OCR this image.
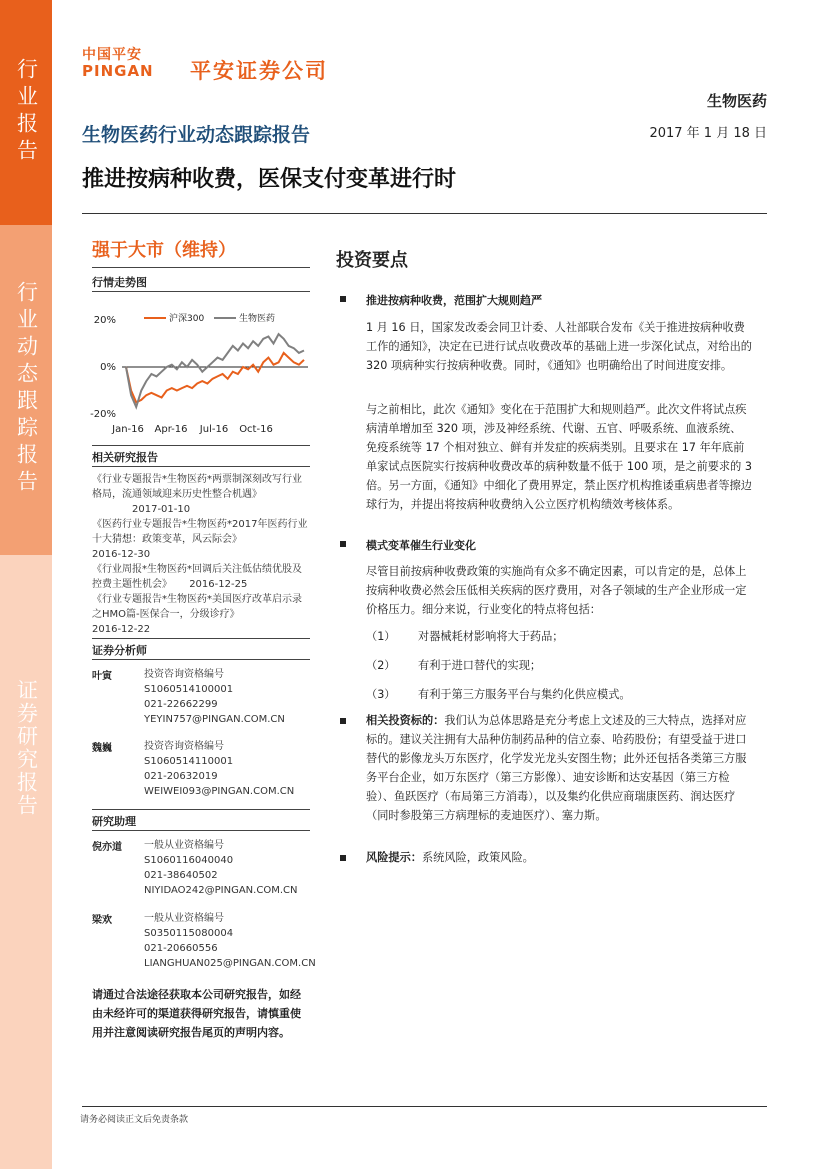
行业报告
行业动态跟踪报告
证券研究报告
中国平安
PINGAN 平安证券公司
生物医药
生物医药行业动态跟踪报告	2017 年 1 月 18 日
推进按病种收费，医保支付变革进行时
强于大市（维持）
行情走势图
20%
0%
-20%
Jan-16 Apr-16 Jul-16 Oct-16
沪深300	生物医药
相关研究报告
《行业专题报告*生物医药*两票制深刻改写行业格局，流通领域迎来历史性整合机遇》
2017-01-10
《医药行业专题报告*生物医药*2017年医药行业十大猜想：政策变革，风云际会》
2016-12-30
《行业周报*生物医药*回调后关注低估绩优股及控费主题性机会》 2016-12-25
《行业专题报告*生物医药*美国医疗改革启示录之HMO篇-医保合一，分级诊疗》
2016-12-22
证券分析师
叶寅	投资咨询资格编号
S1060514100001
021-22662299
YEYIN757@PINGAN.COM.CN
魏巍	投资咨询资格编号
S1060514110001
021-20632019
WEIWEI093@PINGAN.COM.CN
研究助理
倪亦道 一般从业资格编号
S1060116040040
021-38640502
NIYIDAO242@PINGAN.COM.CN
梁欢	一般从业资格编号
S0350115080004
021-20660556
LIANGHUAN025@PINGAN.COM.CN
请通过合法途径获取本公司研究报告，如经由未经许可的渠道获得研究报告，请慎重使用并注意阅读研究报告尾页的声明内容。
投资要点
推进按病种收费，范围扩大规则趋严
1 月 16 日，国家发改委会同卫计委、人社部联合发布《关于推进按病种收费工作的通知》，决定在已进行试点收费改革的基础上进一步深化试点，对给出的 320 项病种实行按病种收费。同时，《通知》也明确给出了时间进度安排。
与之前相比，此次《通知》变化在于范围扩大和规则趋严。此次文件将试点疾病清单增加至 320 项，涉及神经系统、代谢、五官、呼吸系统、血液系统、免疫系统等 17 个相对独立、鲜有并发症的疾病类别。且要求在 17 年年底前单家试点医院实行按病种收费改革的病种数量不低于 100 项，是之前要求的 3 倍。另一方面，《通知》中细化了费用界定，禁止医疗机构推诿重病患者等擦边球行为，并提出将按病种收费纳入公立医疗机构绩效考核体系。
模式变革催生行业变化
尽管目前按病种收费政策的实施尚有众多不确定因素，可以肯定的是，总体上按病种收费必然会压低相关疾病的医疗费用，对各子领域的生产企业形成一定价格压力。细分来说，行业变化的特点将包括：
（1） 对器械耗材影响将大于药品；
（2） 有利于进口替代的实现；
（3） 有利于第三方服务平台与集约化供应模式。
相关投资标的：我们认为总体思路是充分考虑上文述及的三大特点，选择对应标的。建议关注拥有大品种仿制药品种的信立泰、哈药股份；有望受益于进口替代的影像龙头万东医疗，化学发光龙头安图生物；此外还包括各类第三方服务平台企业，如万东医疗（第三方影像）、迪安诊断和达安基因（第三方检验）、鱼跃医疗（布局第三方消毒），以及集约化供应商瑞康医药、润达医疗（同时参股第三方病理标的麦迪医疗）、塞力斯。
风险提示：系统风险，政策风险。
请务必阅读正文后免责条款
